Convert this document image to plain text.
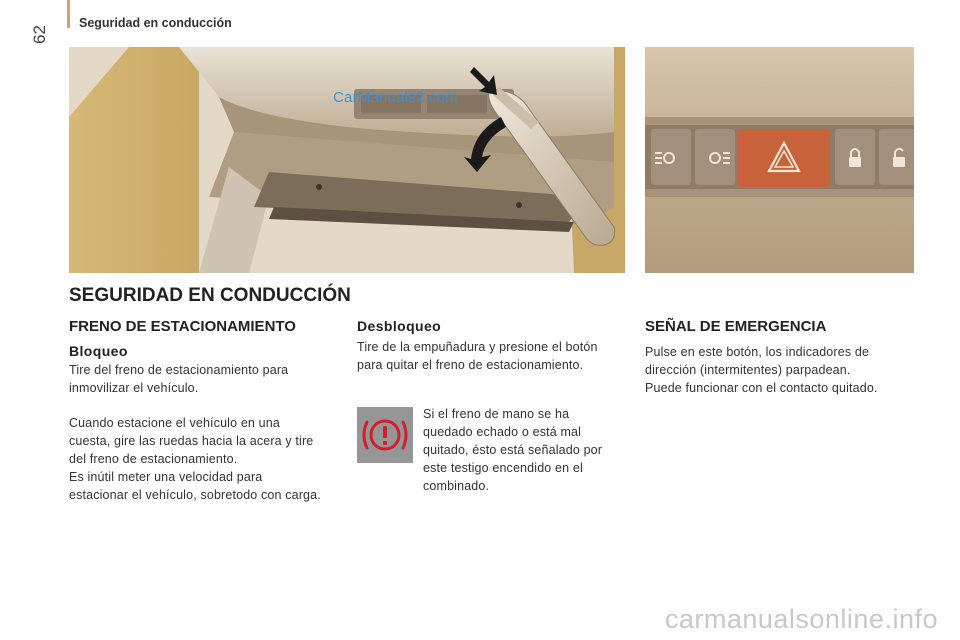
62
Seguridad en conducción
CarManuals2.com
SEGURIDAD EN CONDUCCIÓN
FRENO DE ESTACIONAMIENTO
Bloqueo
Tire del freno de estacionamiento para
inmovilizar el vehículo.
Cuando estacione el vehículo en una
cuesta, gire las ruedas hacia la acera y tire
del freno de estacionamiento.
Es inútil meter una velocidad para
estacionar el vehículo, sobretodo con carga.
Desbloqueo
Tire de la empuñadura y presione el botón
para quitar el freno de estacionamiento.
Si el freno de mano se ha
quedado echado o está mal
quitado, ésto está señalado por
este testigo encendido en el
combinado.
SEÑAL DE EMERGENCIA
Pulse en este botón, los indicadores de
dirección (intermitentes) parpadean.
Puede funcionar con el contacto quitado.
carmanualsonline.info
